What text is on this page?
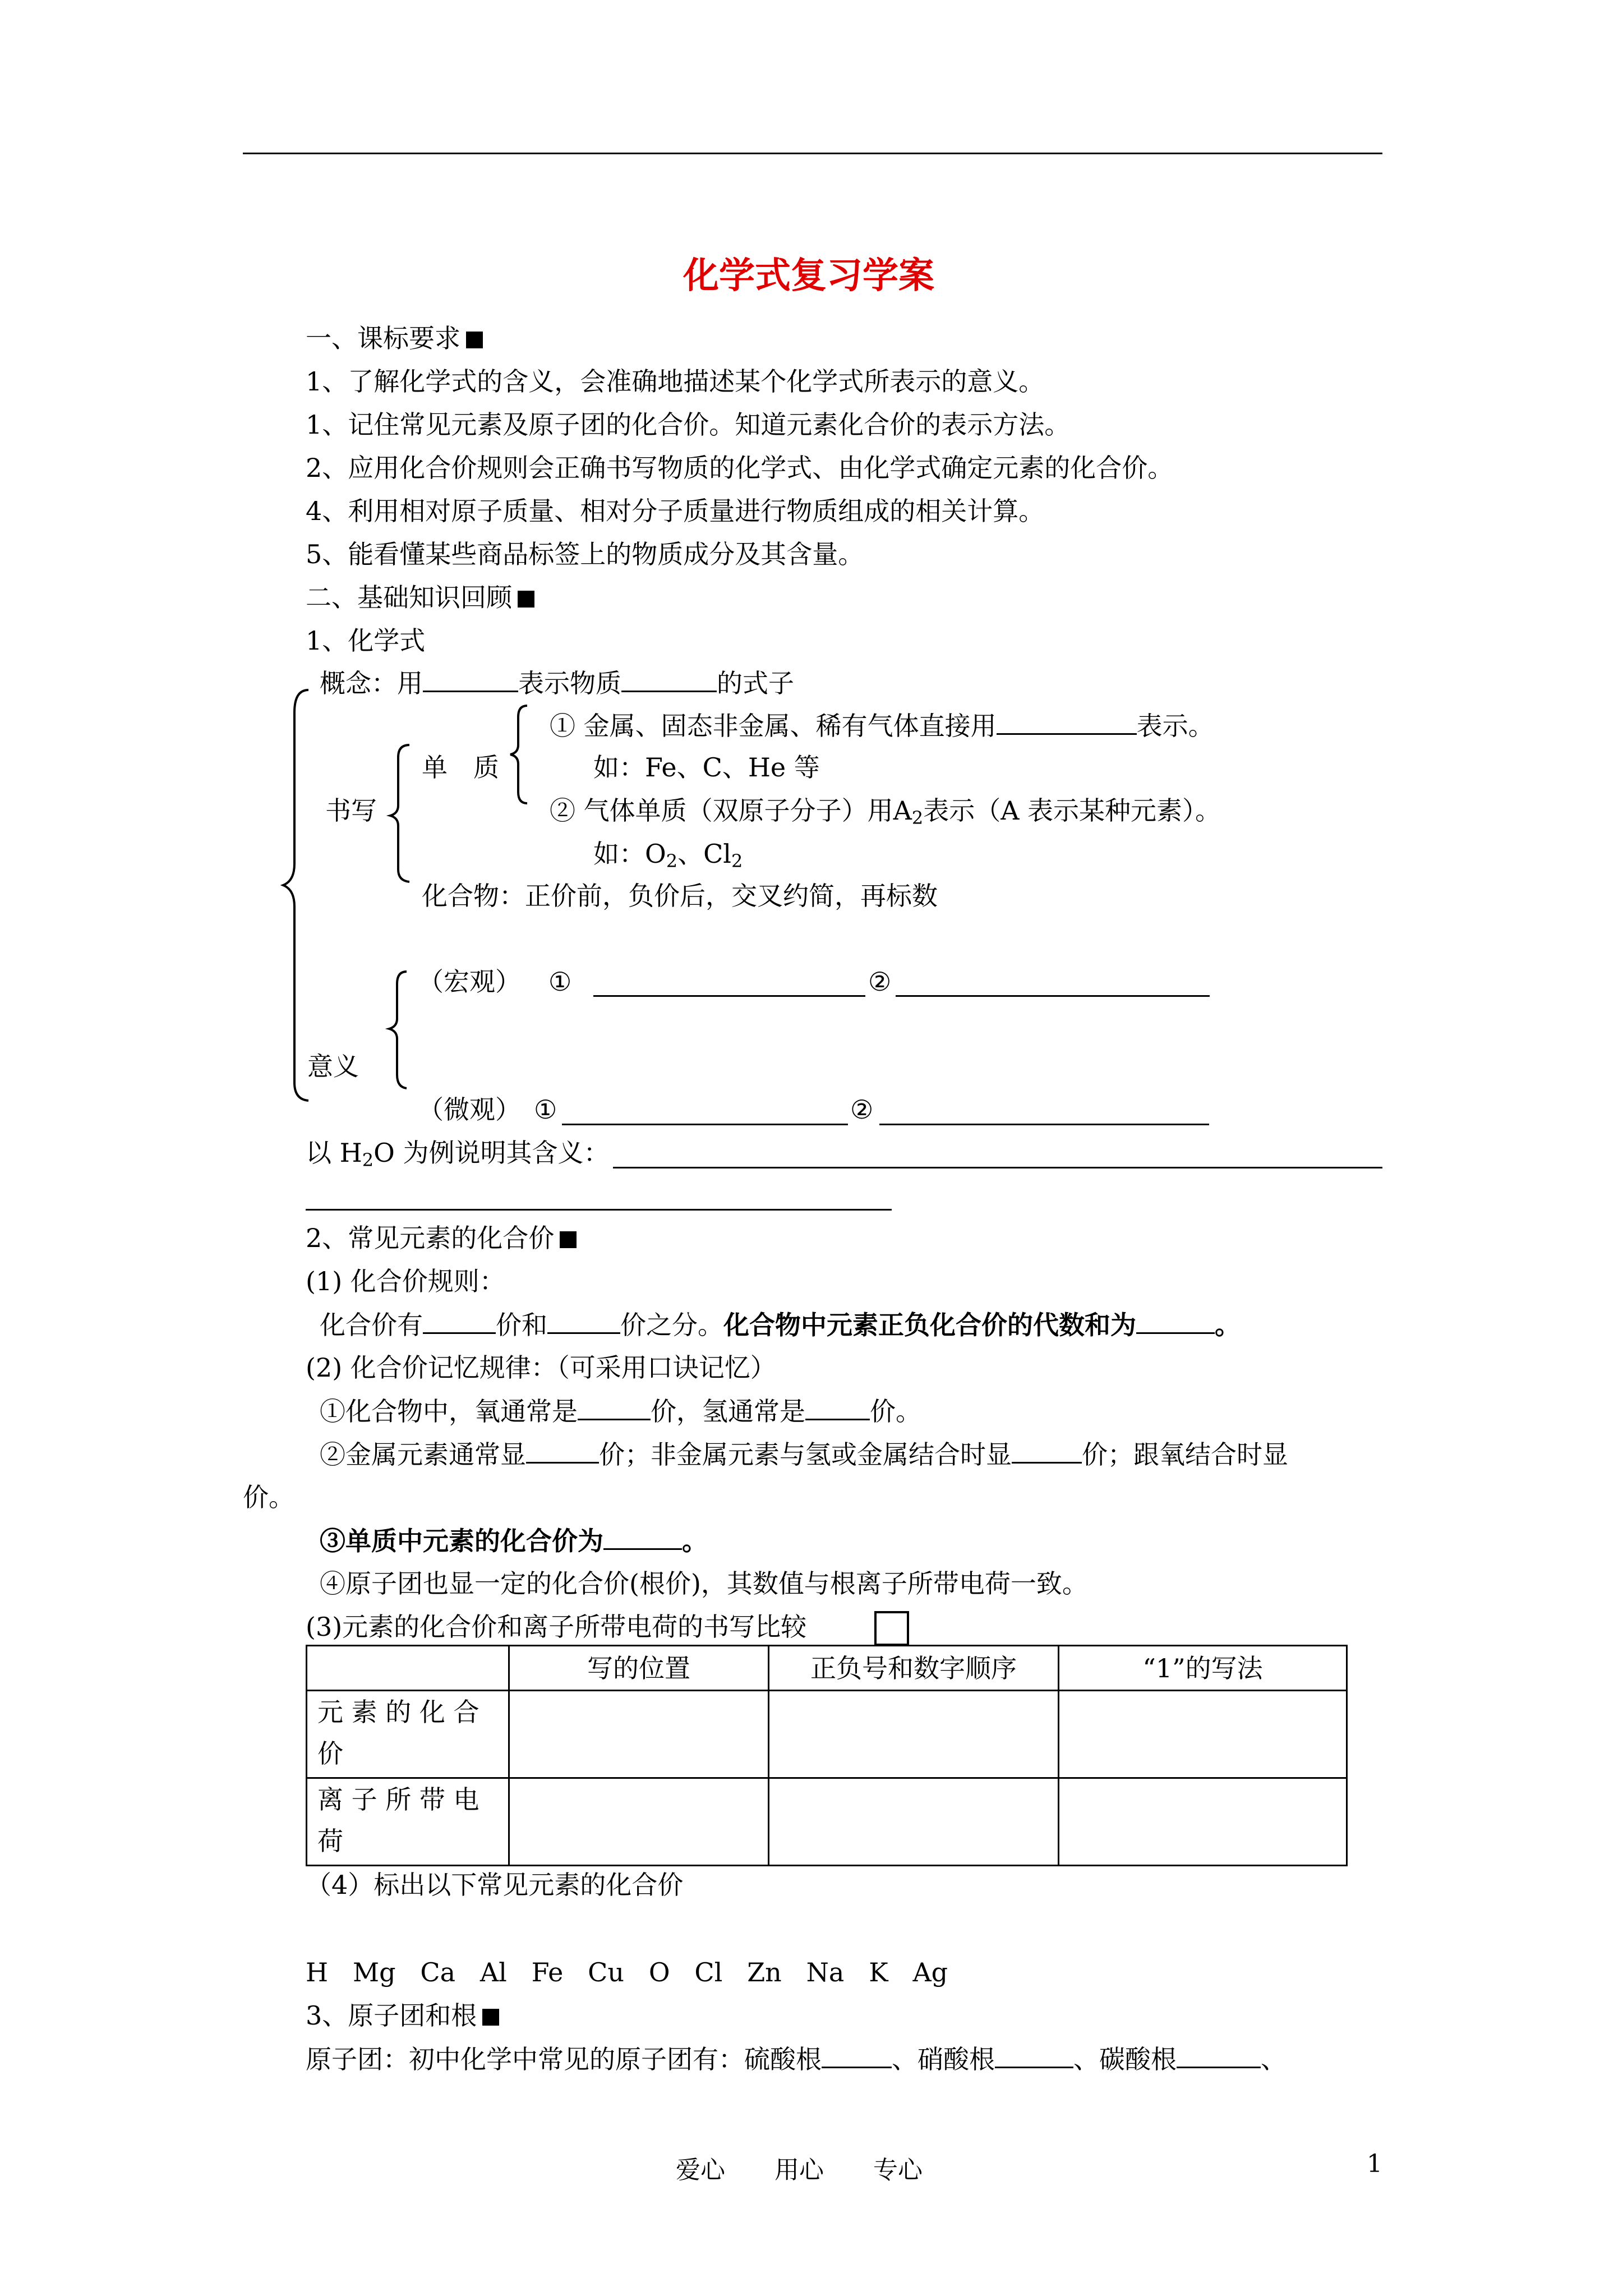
化学式复习学案
一、课标要求
1、了解化学式的含义，会准确地描述某个化学式所表示的意义。
1、记住常见元素及原子团的化合价。知道元素化合价的表示方法。
2、应用化合价规则会正确书写物质的化学式、由化学式确定元素的化合价。
4、利用相对原子质量、相对分子质量进行物质组成的相关计算。
5、能看懂某些商品标签上的物质成分及其含量。
二、基础知识回顾
1、化学式
概念：用	表示物质	的式子
① 金属、固态非金属、稀有气体直接用	表示。
单　质	如：Fe、C、He 等
书写	② 气体单质（双原子分子）用$A_2$表示（A 表示某种元素）。
如：$O_2$、$Cl_2$
化合物：正价前，负价后，交叉约简，再标数
（宏观） ①	②
意义
（微观） ①	②
以 $H_2O$ 为例说明其含义：
2、常见元素的化合价
(1) 化合价规则：
化合价有	价和	价之分。化合物中元素正负化合价的代数和为	。
(2) 化合价记忆规律：（可采用口诀记忆）
①化合物中，氧通常是	价，氢通常是	价。
②金属元素通常显	价；非金属元素与氢或金属结合时显	价；跟氧结合时显
价。
③单质中元素的化合价为	。
④原子团也显一定的化合价(根价)，其数值与根离子所带电荷一致。
(3)元素的化合价和离子所带电荷的书写比较
	写的位置	正负号和数字顺序	“1”的写法
元 素 的 化 合 价			
离 子 所 带 电 荷			
（4）标出以下常见元素的化合价
H   Mg   Ca   Al   Fe   Cu   O   Cl   Zn   Na   K   Ag
3、原子团和根
原子团：初中化学中常见的原子团有：硫酸根	、硝酸根	、碳酸根	、
爱心　　用心　　专心	1
